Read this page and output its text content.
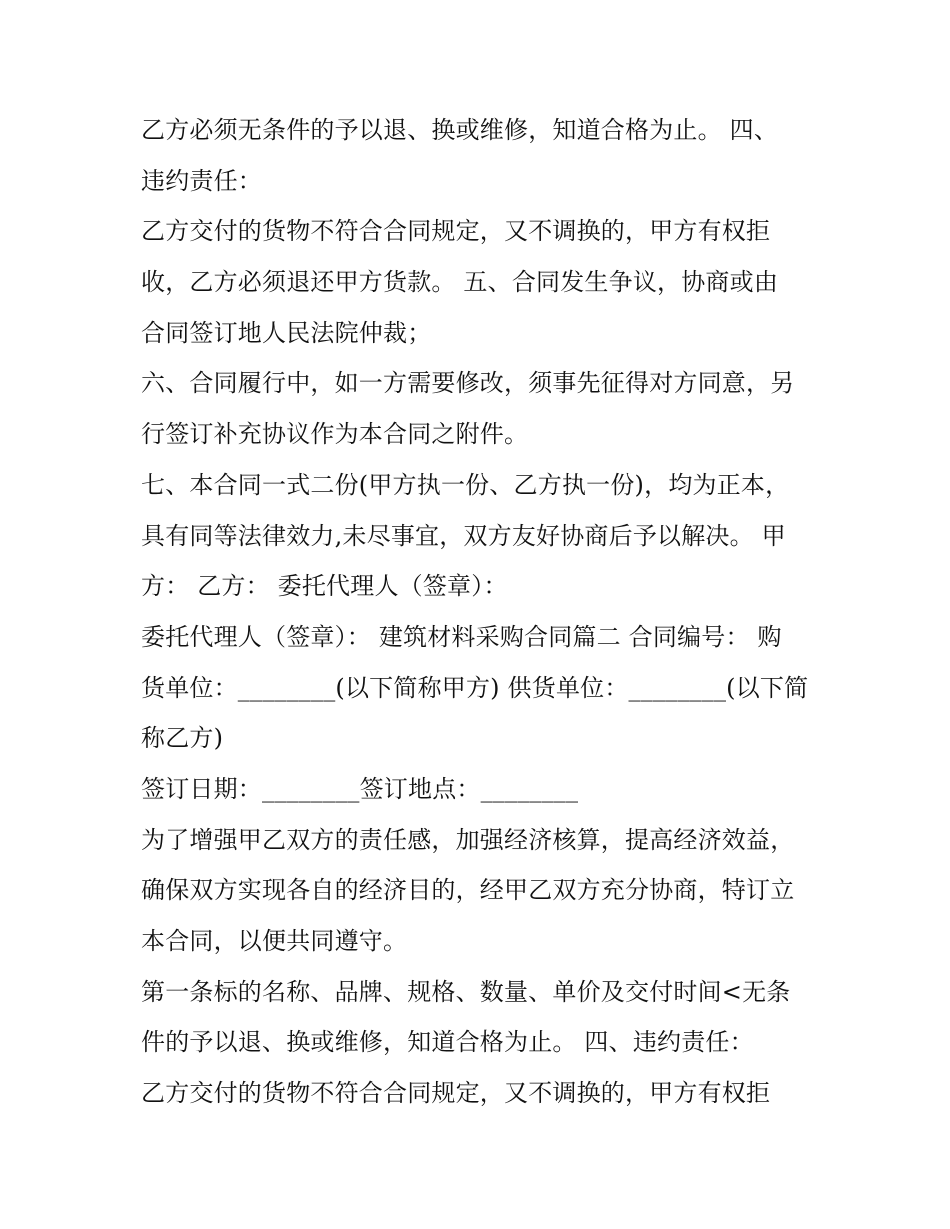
乙方必须无条件的予以退、换或维修，知道合格为止。 四、
违约责任：
乙方交付的货物不符合合同规定，又不调换的，甲方有权拒
收，乙方必须退还甲方货款。 五、合同发生争议，协商或由
合同签订地人民法院仲裁；
六、合同履行中，如一方需要修改，须事先征得对方同意，另
行签订补充协议作为本合同之附件。
七、本合同一式二份(甲方执一份、乙方执一份)，均为正本，
具有同等法律效力,未尽事宜，双方友好协商后予以解决。 甲
方： 乙方： 委托代理人（签章）：
委托代理人（签章）： 建筑材料采购合同篇二 合同编号： 购
货单位：________(以下简称甲方) 供货单位：________(以下简
称乙方)
签订日期：________签订地点：________
为了增强甲乙双方的责任感，加强经济核算，提高经济效益，
确保双方实现各自的经济目的，经甲乙双方充分协商，特订立
本合同，以便共同遵守。
第一条标的名称、品牌、规格、数量、单价及交付时间<无条
件的予以退、换或维修，知道合格为止。 四、违约责任：
乙方交付的货物不符合合同规定，又不调换的，甲方有权拒
